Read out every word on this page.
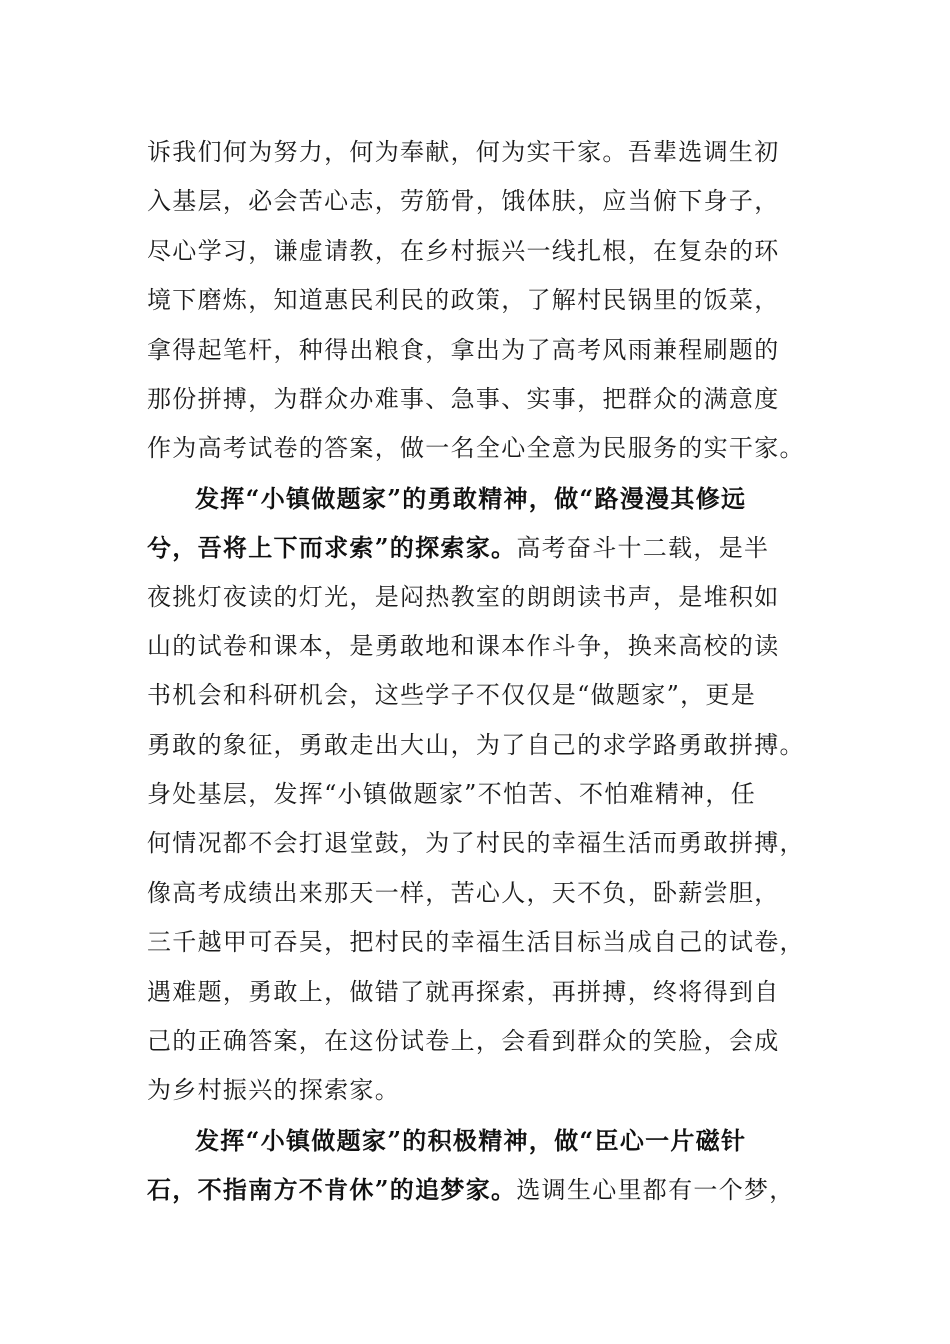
诉我们何为努力，何为奉献，何为实干家。吾辈选调生初
入基层，必会苦心志，劳筋骨，饿体肤，应当俯下身子，
尽心学习，谦虚请教，在乡村振兴一线扎根，在复杂的环
境下磨炼，知道惠民利民的政策，了解村民锅里的饭菜，
拿得起笔杆，种得出粮食，拿出为了高考风雨兼程刷题的
那份拼搏，为群众办难事、急事、实事，把群众的满意度
作为高考试卷的答案，做一名全心全意为民服务的实干家。
发挥“小镇做题家”的勇敢精神，做“路漫漫其修远
兮，吾将上下而求索”的探索家。高考奋斗十二载，是半
夜挑灯夜读的灯光，是闷热教室的朗朗读书声，是堆积如
山的试卷和课本，是勇敢地和课本作斗争，换来高校的读
书机会和科研机会，这些学子不仅仅是“做题家”，更是
勇敢的象征，勇敢走出大山，为了自己的求学路勇敢拼搏。
身处基层，发挥“小镇做题家”不怕苦、不怕难精神，任
何情况都不会打退堂鼓，为了村民的幸福生活而勇敢拼搏，
像高考成绩出来那天一样，苦心人，天不负，卧薪尝胆，
三千越甲可吞吴，把村民的幸福生活目标当成自己的试卷，
遇难题，勇敢上，做错了就再探索，再拼搏，终将得到自
己的正确答案，在这份试卷上，会看到群众的笑脸，会成
为乡村振兴的探索家。
发挥“小镇做题家”的积极精神，做“臣心一片磁针
石，不指南方不肯休”的追梦家。选调生心里都有一个梦，
